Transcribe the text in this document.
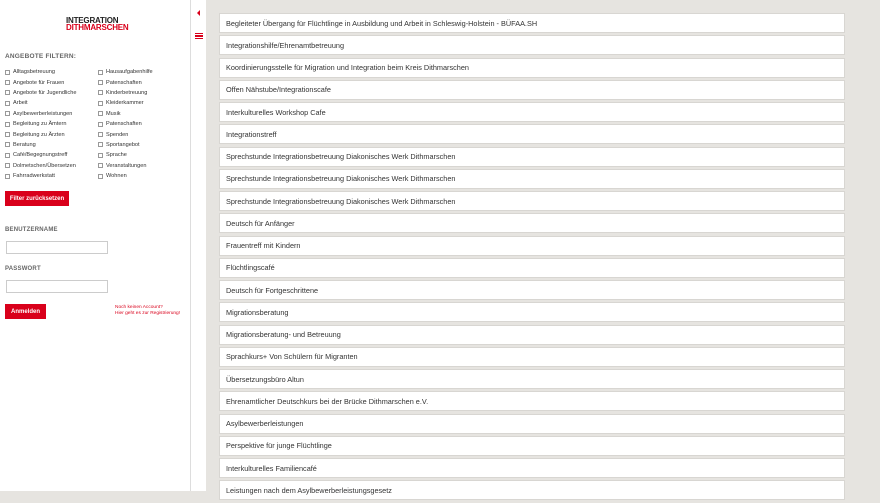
INTEGRATION
DITHMARSCHEN
ANGEBOTE FILTERN:
Alltagsbetreuung
Angebote für Frauen
Angebote für Jugendliche
Arbeit
Asylbewerberleistungen
Begleitung zu Ämtern
Begleitung zu Ärzten
Beratung
Café/Begegnungstreff
Dolmetschen/Übersetzen
Fahrradwerkstatt
Hausaufgabenhilfe
Patenschaften
Kinderbetreuung
Kleiderkammer
Musik
Patenschaften
Spenden
Sportangebot
Sprache
Veranstaltungen
Wohnen
Filter zurücksetzen
BENUTZERNAME
PASSWORT
Anmelden
Noch keinen Account?
Hier geht es zur Registrierung!
Begleiteter Übergang für Flüchtlinge in Ausbildung und Arbeit in Schleswig-Holstein - BÜFAA.SH
Integrationshilfe/Ehrenamtbetreuung
Koordinierungsstelle für Migration und Integration beim Kreis Dithmarschen
Offen Nähstube/Integrationscafe
Interkulturelles Workshop Cafe
Integrationstreff
Sprechstunde Integrationsbetreuung Diakonisches Werk Dithmarschen
Sprechstunde Integrationsbetreuung Diakonisches Werk Dithmarschen
Sprechstunde Integrationsbetreuung Diakonisches Werk Dithmarschen
Deutsch für Anfänger
Frauentreff mit Kindern
Flüchtlingscafé
Deutsch für Fortgeschrittene
Migrationsberatung
Migrationsberatung- und Betreuung
Sprachkurs+ Von Schülern für Migranten
Übersetzungsbüro Altun
Ehrenamtlicher Deutschkurs bei der Brücke Dithmarschen e.V.
Asylbewerberleistungen
Perspektive für junge Flüchtlinge
Interkulturelles Familiencafé
Leistungen nach dem Asylbewerberleistungsgesetz
